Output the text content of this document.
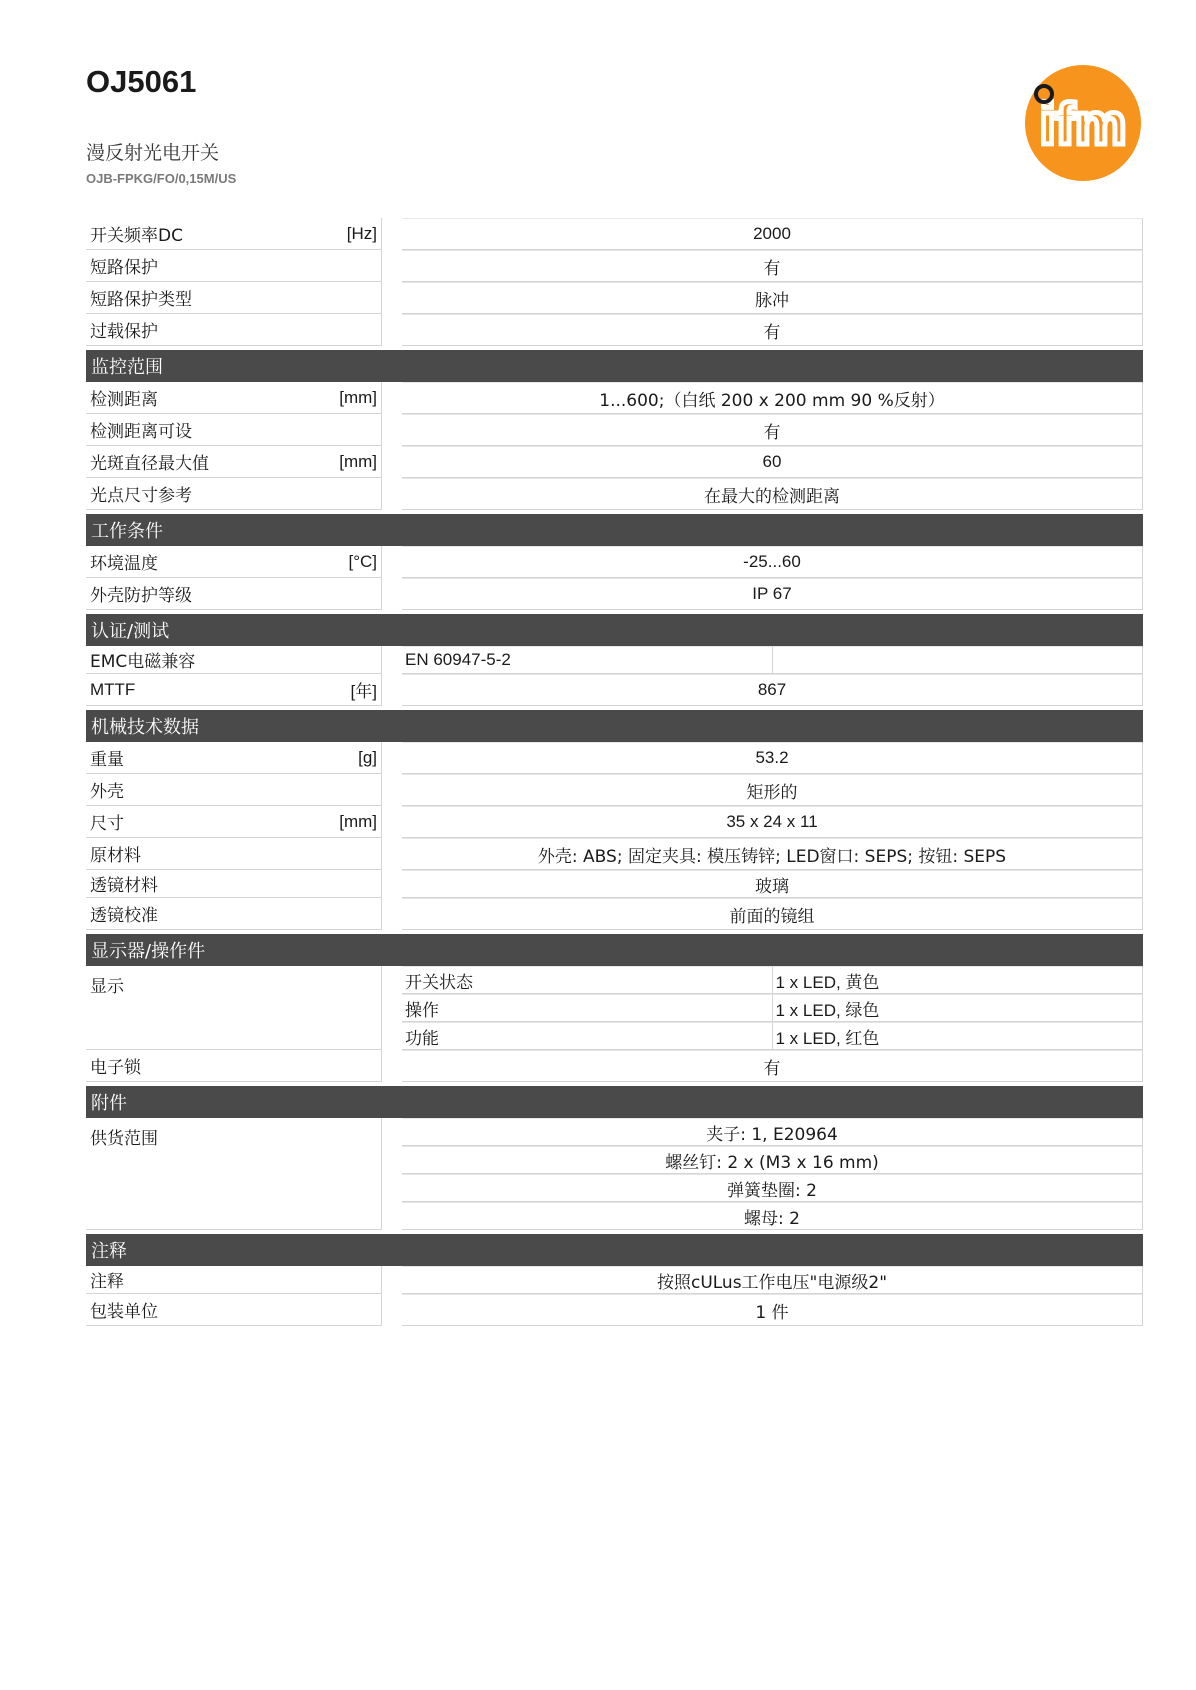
OJ5061
漫反射光电开关
OJB-FPKG/FO/0,15M/US
ifm
开关频率DC	[Hz]	2000
短路保护	有
短路保护类型	脉冲
过载保护	有
监控范围
检测距离	[mm]	1...600;（白纸 200 x 200 mm 90 %反射）
检测距离可设	有
光斑直径最大值	[mm]	60
光点尺寸参考	在最大的检测距离
工作条件
环境温度	[°C]	-25...60
外壳防护等级	IP 67
认证/测试
EMC电磁兼容	EN 60947-5-2
MTTF	[年]	867
机械技术数据
重量	[g]	53.2
外壳	矩形的
尺寸	[mm]	35 x 24 x 11
原材料	外壳: ABS; 固定夹具: 模压铸锌; LED窗口: SEPS; 按钮: SEPS
透镜材料	玻璃
透镜校准	前面的镜组
显示器/操作件
显示	开关状态	1 x LED, 黄色
操作	1 x LED, 绿色
功能	1 x LED, 红色
电子锁	有
附件
供货范围	夹子: 1, E20964
螺丝钉: 2 x (M3 x 16 mm)
弹簧垫圈: 2
螺母: 2
注释
注释	按照cULus工作电压"电源级2"
包装单位	1 件
